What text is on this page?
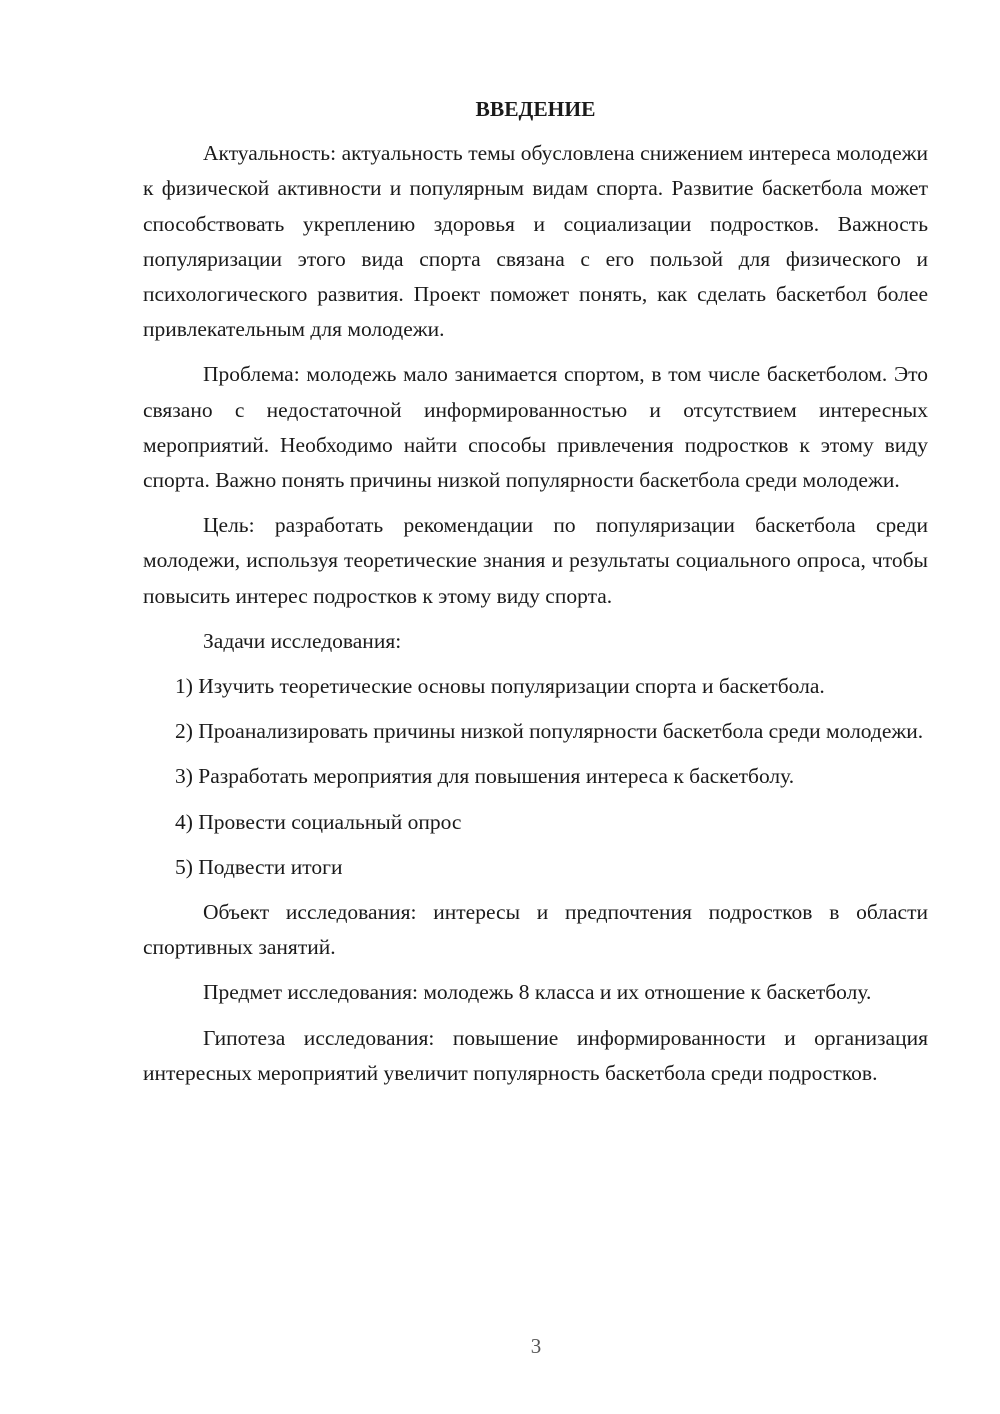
ВВЕДЕНИЕ

Актуальность: актуальность темы обусловлена снижением интереса молодежи к физической активности и популярным видам спорта. Развитие баскетбола может способствовать укреплению здоровья и социализации подростков. Важность популяризации этого вида спорта связана с его пользой для физического и психологического развития. Проект поможет понять, как сделать баскетбол более привлекательным для молодежи.

Проблема: молодежь мало занимается спортом, в том числе баскетболом. Это связано с недостаточной информированностью и отсутствием интересных мероприятий. Необходимо найти способы привлечения подростков к этому виду спорта. Важно понять причины низкой популярности баскетбола среди молодежи.

Цель: разработать рекомендации по популяризации баскетбола среди молодежи, используя теоретические знания и результаты социального опроса, чтобы повысить интерес подростков к этому виду спорта.

Задачи исследования:

1) Изучить теоретические основы популяризации спорта и баскетбола.

2) Проанализировать причины низкой популярности баскетбола среди молодежи.

3) Разработать мероприятия для повышения интереса к баскетболу.

4) Провести социальный опрос

5) Подвести итоги

Объект исследования: интересы и предпочтения подростков в области спортивных занятий.

Предмет исследования: молодежь 8 класса и их отношение к баскетболу.

Гипотеза исследования: повышение информированности и организация интересных мероприятий увеличит популярность баскетбола среди подростков.

3
